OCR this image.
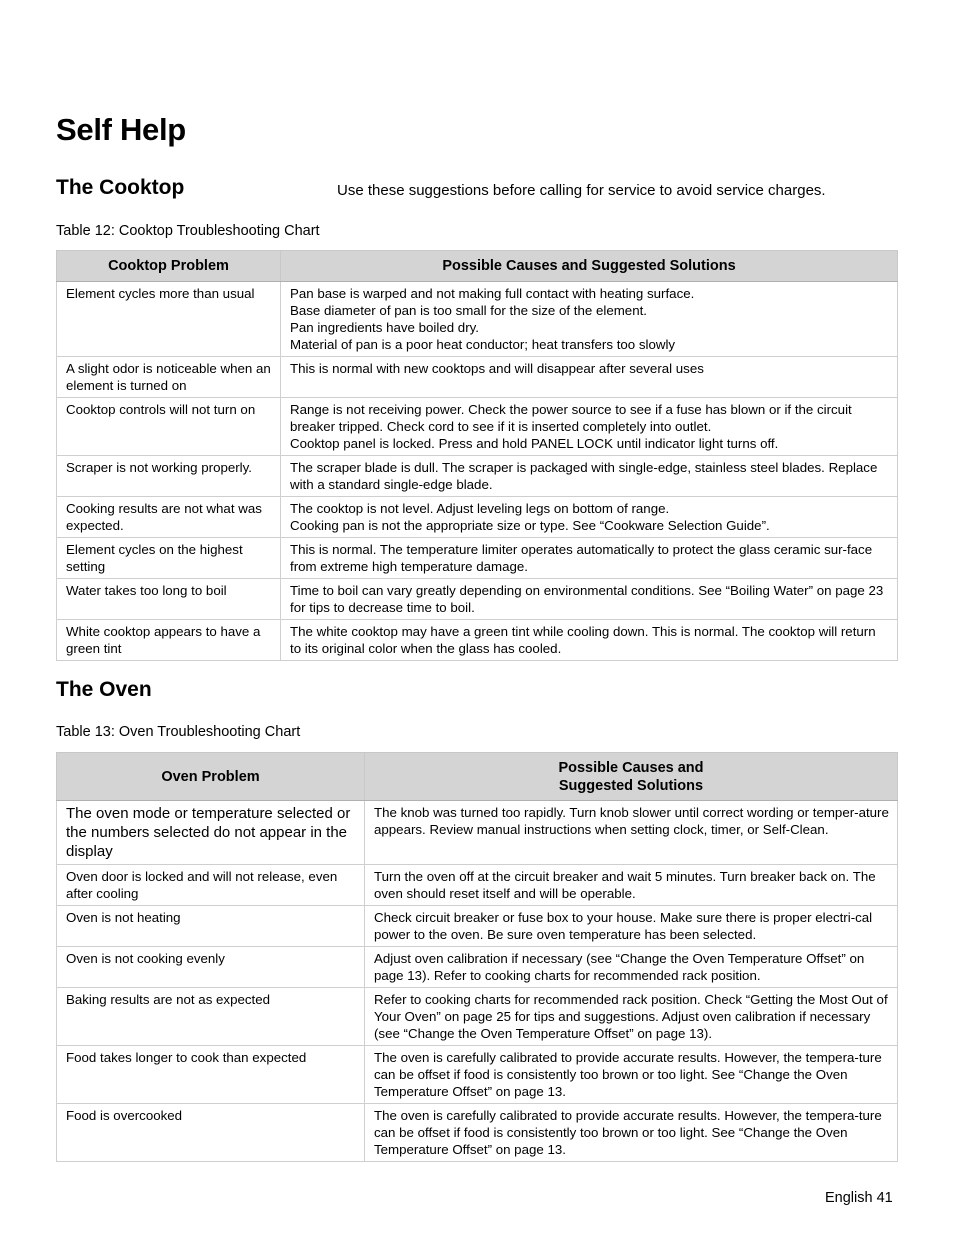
Self Help
The Cooktop	Use these suggestions before calling for service to avoid service charges.
Table 12: Cooktop Troubleshooting Chart
Cooktop Problem	Possible Causes and Suggested Solutions
Element cycles more than usual	Pan base is warped and not making full contact with heating surface.
Base diameter of pan is too small for the size of the element.
Pan ingredients have boiled dry.
Material of pan is a poor heat conductor; heat transfers too slowly

A slight odor is noticeable when an element is turned on	This is normal with new cooktops and will disappear after several uses

Cooktop controls will not turn on	Range is not receiving power. Check the power source to see if a fuse has blown or if the circuit breaker tripped. Check cord to see if it is inserted completely into outlet.
Cooktop panel is locked. Press and hold PANEL LOCK until indicator light turns off.

Scraper is not working properly.	The scraper blade is dull. The scraper is packaged with single-edge, stainless steel blades. Replace with a standard single-edge blade.

Cooking results are not what was expected.	The cooktop is not level. Adjust leveling legs on bottom of range.
Cooking pan is not the appropriate size or type. See “Cookware Selection Guide”.

Element cycles on the highest setting	This is normal. The temperature limiter operates automatically to protect the glass ceramic sur-face from extreme high temperature damage.

Water takes too long to boil	Time to boil can vary greatly depending on environmental conditions. See “Boiling Water” on page 23 for tips to decrease time to boil.

White cooktop appears to have a green tint	The white cooktop may have a green tint while cooling down. This is normal. The cooktop will return to its original color when the glass has cooled.
The Oven
Table 13: Oven Troubleshooting Chart
Oven Problem	Possible Causes and
Suggested Solutions

The oven mode or temperature selected or the numbers selected do not appear in the display	The knob was turned too rapidly. Turn knob slower until correct wording or temper-ature appears. Review manual instructions when setting clock, timer, or Self-Clean.

Oven door is locked and will not release, even after cooling	Turn the oven off at the circuit breaker and wait 5 minutes. Turn breaker back on. The oven should reset itself and will be operable.

Oven is not heating	Check circuit breaker or fuse box to your house. Make sure there is proper electri-cal power to the oven. Be sure oven temperature has been selected.

Oven is not cooking evenly	Adjust oven calibration if necessary (see “Change the Oven Temperature Offset” on page 13). Refer to cooking charts for recommended rack position.

Baking results are not as expected	Refer to cooking charts for recommended rack position. Check “Getting the Most Out of Your Oven” on page 25 for tips and suggestions. Adjust oven calibration if necessary (see “Change the Oven Temperature Offset” on page 13).

Food takes longer to cook than expected	The oven is carefully calibrated to provide accurate results. However, the tempera-ture can be offset if food is consistently too brown or too light. See “Change the Oven Temperature Offset” on page 13.

Food is overcooked	The oven is carefully calibrated to provide accurate results. However, the tempera-ture can be offset if food is consistently too brown or too light. See “Change the Oven Temperature Offset” on page 13.
English 41
